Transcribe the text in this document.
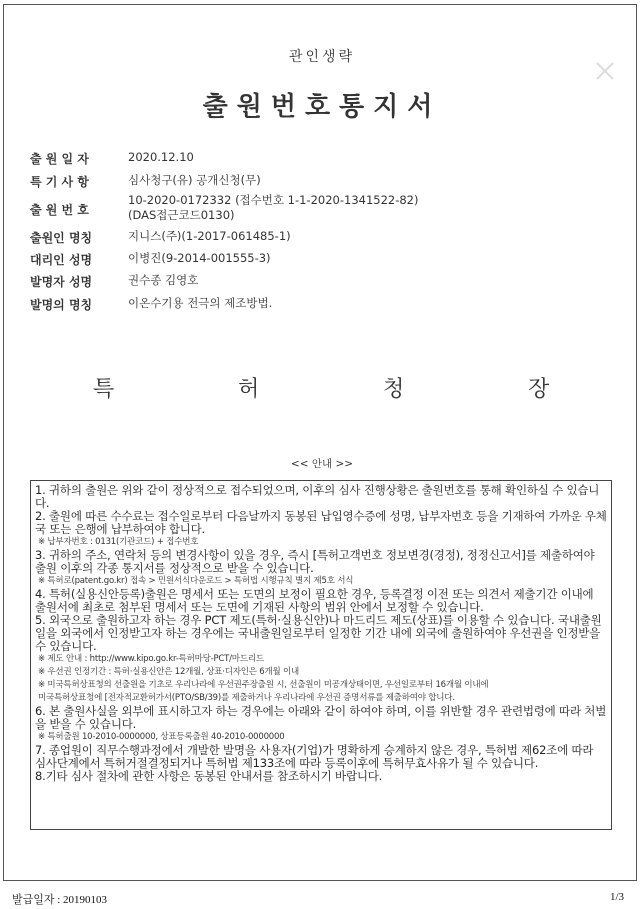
관인생략
출원번호통지서
출 원 일 자	2020.12.10
특 기 사 항	심사청구(유) 공개신청(무)
출 원 번 호
10-2020-0172332 (접수번호 1-1-2020-1341522-82)
(DAS접근코드0130)
출원인 명칭	지니스(주)(1-2017-061485-1)
대리인 성명	이병진(9-2014-001555-3)
발명자 성명	권수종 김영호
발명의 명칭	이온수기용 전극의 제조방법.
특	허	청	장
<< 안내 >>

1. 귀하의 출원은 위와 같이 정상적으로 접수되었으며, 이후의 심사 진행상황은 출원번호를 통해 확인하실 수 있습니다.

2. 출원에 따른 수수료는 접수일로부터 다음날까지 동봉된 납입영수증에 성명, 납부자번호 등을 기재하여 가까운 우체국 또는 은행에 납부하여야 합니다.

※ 납부자번호 : 0131(기관코드) + 접수번호

3. 귀하의 주소, 연락처 등의 변경사항이 있을 경우, 즉시 [특허고객번호 정보변경(경정), 정정신고서]를 제출하여야 출원 이후의 각종 통지서를 정상적으로 받을 수 있습니다.

※ 특허로(patent.go.kr) 접속 > 민원서식다운로드 > 특허법 시행규칙 별지 제5호 서식

4. 특허(실용신안등록)출원은 명세서 또는 도면의 보정이 필요한 경우, 등록결정 이전 또는 의견서 제출기간 이내에 출원서에 최초로 첨부된 명세서 또는 도면에 기재된 사항의 범위 안에서 보정할 수 있습니다.

5. 외국으로 출원하고자 하는 경우 PCT 제도(특허·실용신안)나 마드리드 제도(상표)를 이용할 수 있습니다. 국내출원일을 외국에서 인정받고자 하는 경우에는 국내출원일로부터 일정한 기간 내에 외국에 출원하여야 우선권을 인정받을 수 있습니다.

※ 제도 안내 : http://www.kipo.go.kr-특허마당-PCT/마드리드

※ 우선권 인정기간 : 특허·실용신안은 12개월, 상표·디자인은 6개월 이내

※ 미국특허상표청의 선출원을 기초로 우리나라에 우선권주장출원 시, 선출원이 미공개상태이면, 우선일로부터 16개월 이내에

미국특허상표청에 [전자적교환허가서(PTO/SB/39)를 제출하거나 우리나라에 우선권 증명서류를 제출하여야 합니다.

6. 본 출원사실을 외부에 표시하고자 하는 경우에는 아래와 같이 하여야 하며, 이를 위반할 경우 관련법령에 따라 처벌을 받을 수 있습니다.

※ 특허출원 10-2010-0000000, 상표등록출원 40-2010-0000000

7. 종업원이 직무수행과정에서 개발한 발명을 사용자(기업)가 명확하게 승계하지 않은 경우, 특허법 제62조에 따라 심사단계에서 특허거절결정되거나 특허법 제133조에 따라 등록이후에 특허무효사유가 될 수 있습니다.

8.기타 심사 절차에 관한 사항은 동봉된 안내서를 참조하시기 바랍니다.

발급일자 : 20190103	1/3
